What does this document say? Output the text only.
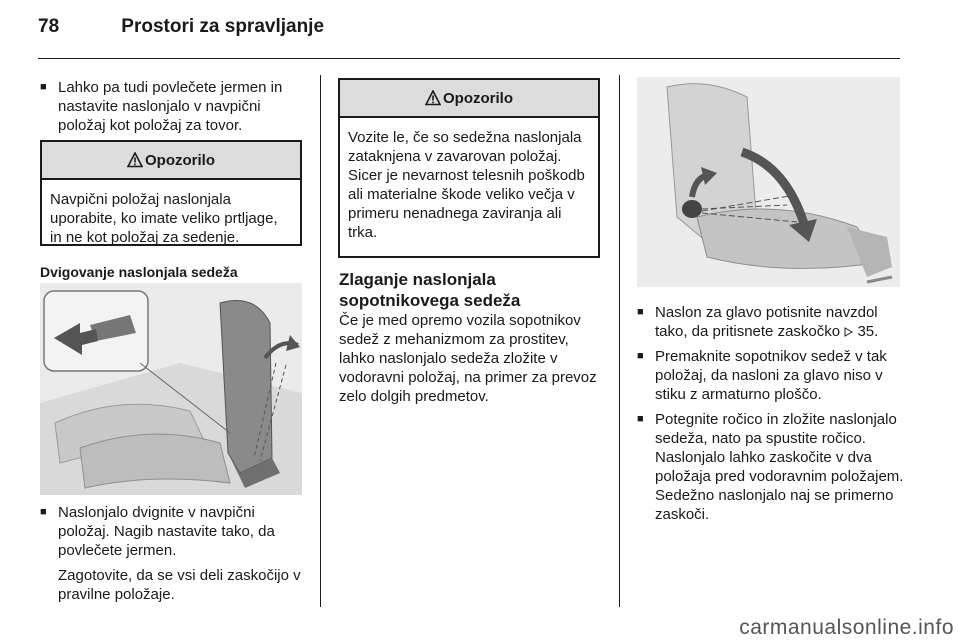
78	Prostori za spravljanje

■ Lahko pa tudi povlečete jermen in nastavite naslonjalo v navpični položaj kot položaj za tovor.

Opozorilo
Navpični položaj naslonjala uporabite, ko imate veliko prtljage, in ne kot položaj za sedenje.
Dvigovanje naslonjala sedeža

■ Naslonjalo dvignite v navpični položaj. Nagib nastavite tako, da povlečete jermen.

Zagotovite, da se vsi deli zaskočijo v pravilne položaje.

Opozorilo
Vozite le, če so sedežna naslonjala zataknjena v zavarovan položaj. Sicer je nevarnost telesnih poškodb ali materialne škode veliko večja v primeru nenadnega zaviranja ali trka.
Zlaganje naslonjala sopotnikovega sedeža

Če je med opremo vozila sopotnikov sedež z mehanizmom za prostitev, lahko naslonjalo sedeža zložite v vodoravni položaj, na primer za prevoz zelo dolgih predmetov.

■ Naslon za glavo potisnite navzdol tako, da pritisnete zaskočko 35.

■ Premaknite sopotnikov sedež v tak položaj, da nasloni za glavo niso v stiku z armaturno ploščo.

■ Potegnite ročico in zložite naslonjalo sedeža, nato pa spustite ročico. Naslonjalo lahko zaskočite v dva položaja pred vodoravnim položajem. Sedežno naslonjalo naj se primerno zaskoči.

carmanualsonline.info
